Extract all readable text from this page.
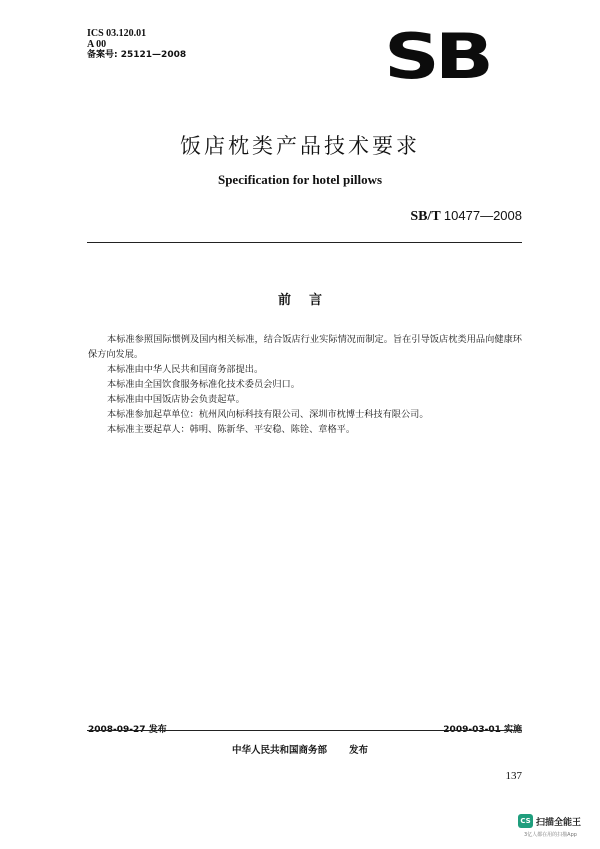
ICS 03.120.01
A 00
备案号: 25121—2008	SB
饭店枕类产品技术要求
Specification for hotel pillows
SB/T 10477—2008
前言

本标准参照国际惯例及国内相关标准，结合饭店行业实际情况而制定。旨在引导饭店枕类用品向健康环保方向发展。

本标准由中华人民共和国商务部提出。

本标准由全国饮食服务标准化技术委员会归口。

本标准由中国饭店协会负责起草。

本标准参加起草单位：杭州风向标科技有限公司、深圳市枕博士科技有限公司。

本标准主要起草人：韩明、陈新华、平安稳、陈铨、章格平。

2008-09-27 发布	2009-03-01 实施
中华人民共和国商务部 发布
137
CS 扫描全能王
3亿人都在用的扫描App
